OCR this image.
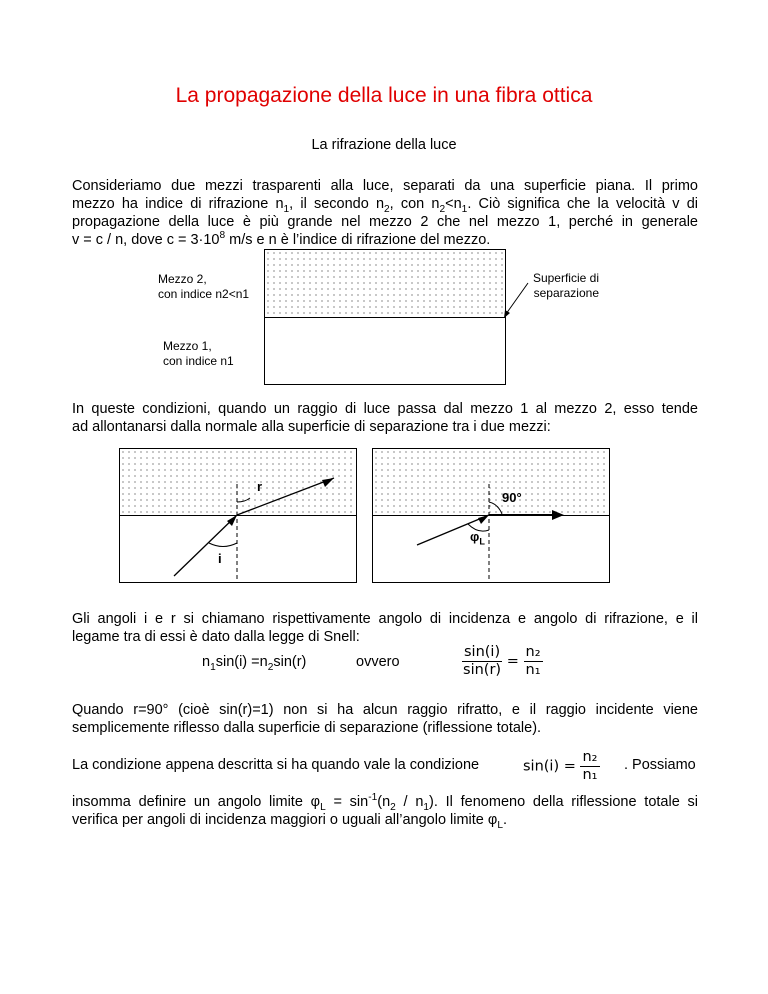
La propagazione della luce in una fibra ottica
La rifrazione della luce
Consideriamo due mezzi trasparenti alla luce, separati da una superficie piana. Il primo
mezzo ha indice di rifrazione $n_1$, il secondo $n_2$, con $n_2<n_1$. Ciò significa che la velocità v di
propagazione della luce è più grande nel mezzo 2 che nel mezzo 1, perché in generale
v = c / n, dove $c = 3\cdot 10^8$ m/s e n è l’indice di rifrazione del mezzo.
Mezzo 2,
con indice n2<n1
Superficie di
separazione
Mezzo 1,
con indice n1
In queste condizioni, quando un raggio di luce passa dal mezzo 1 al mezzo 2, esso tende
ad allontanarsi dalla normale alla superficie di separazione tra i due mezzi:
r
i
90°
$\varphi_L$
Gli angoli i e r si chiamano rispettivamente angolo di incidenza e angolo di rifrazione, e il
legame tra di essi è dato dalla legge di Snell:
$n_1\sin(i) =n_2\sin(r)$	ovvero	$\frac{\sin(i)}{\sin(r)} = \frac{\text{n₂}}{\text{n₁}}$
Quando r=90° (cioè sin(r)=1) non si ha alcun raggio rifratto, e il raggio incidente viene
semplicemente riflesso dalla superficie di separazione (riflessione totale).
La condizione appena descritta si ha quando vale la condizione	$\sin(i) = \frac{\text{n₂}}{\text{n₁}}$ . Possiamo
insomma definire un angolo limite $\varphi_L = \sin^{-1}(n_2 / n_1)$. Il fenomeno della riflessione totale si
verifica per angoli di incidenza maggiori o uguali all’angolo limite $\varphi_L$.
